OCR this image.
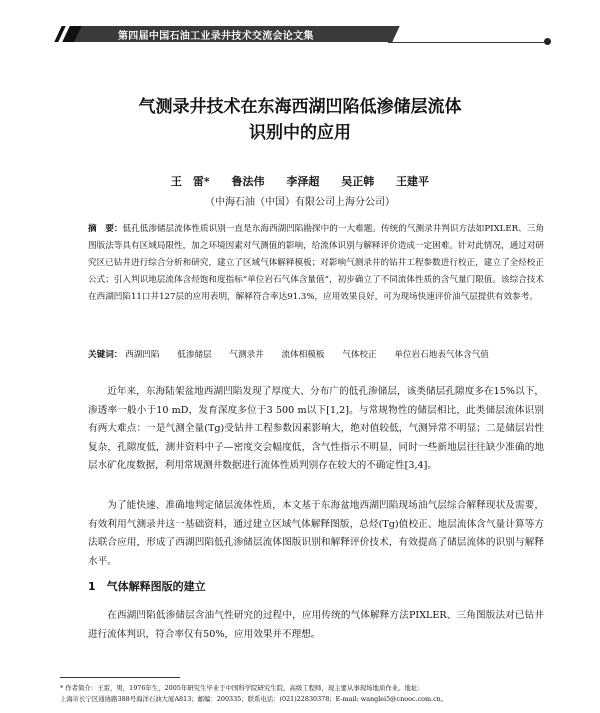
第四届中国石油工业录井技术交流会论文集
气测录井技术在东海西湖凹陷低渗储层流体
识别中的应用
王　雷* 鲁法伟 李泽超 吴正韩 王建平
（中海石油（中国）有限公司上海分公司）
摘　要：低孔低渗储层流体性质识别一直是东海西湖凹陷勘探中的一大难题。传统的气测录井判识方法如PIXLER、三角图版法等具有区域局限性，加之环境因素对气测值的影响，给流体识别与解释评价造成一定困难。针对此情况，通过对研究区已钻井进行综合分析和研究，建立了区域气体解释模板；对影响气测录井的钻井工程参数进行校正，建立了全烃校正公式；引入判识地层流体含烃饱和度指标“单位岩石气体含量值”，初步确立了不同流体性质的含气量门限值。该综合技术在西湖凹陷11口井127层的应用表明，解释符合率达91.3%，应用效果良好，可为现场快速评价油气层提供有效参考。
关键词： 西湖凹陷 低渗储层 气测录井 流体相模板 气体校正 单位岩石地表气体含气值
近年来，东海陆架盆地西湖凹陷发现了厚度大、分布广的低孔渗储层，该类储层孔隙度多在15%以下，渗透率一般小于10 mD，发育深度多位于3 500 m以下[1,2]。与常规物性的储层相比，此类储层流体识别有两大难点：一是气测全量(Tg)受钻井工程参数因素影响大，绝对值较低，气测异常不明显；二是储层岩性复杂，孔隙度低，测井资料中子—密度交会幅度低，含气性指示不明显，同时一些新地层往往缺少准确的地层水矿化度数据，利用常规测井数据进行流体性质判别存在较大的不确定性[3,4]。
为了能快速、准确地判定储层流体性质，本文基于东海盆地西湖凹陷现场油气层综合解释现状及需要，有效利用气测录井这一基础资料，通过建立区域气体解释图版，总烃(Tg)值校正、地层流体含气量计算等方法联合应用，形成了西湖凹陷低孔渗储层流体图版识别和解释评价技术，有效提高了储层流体的识别与解释水平。
1　气体解释图版的建立
在西湖凹陷低渗储层含油气性研究的过程中，应用传统的气体解释方法PIXLER、三角图版法对已钻井进行流体判识，符合率仅有50%，应用效果并不理想。
* 作者简介：王雷，男，1976年生，2005年研究生毕业于中国科学院研究生院，高级工程师，现主要从事现场地质作业。地址：
上海市长宁区通协路388号海洋石油大厦A813；邮编：200335；联系电话：(021)22830378；E-mail: wanglei5@cnooc.com.cn。
